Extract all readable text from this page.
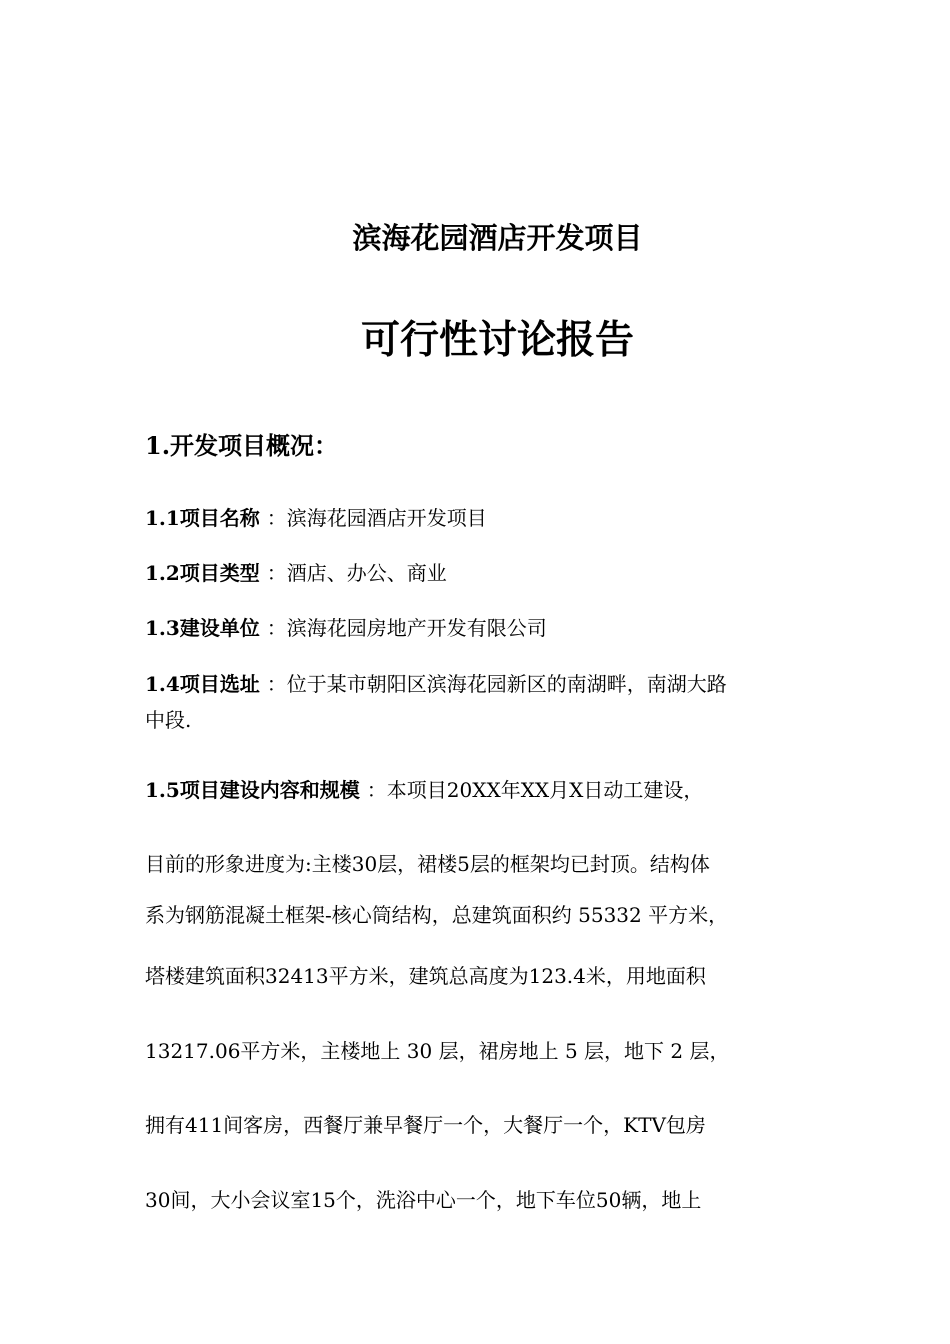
滨海花园酒店开发项目
可行性讨论报告
1.开发项目概况：
1.1项目名称 ：滨海花园酒店开发项目
1.2项目类型 ：酒店、办公、商业
1.3建设单位 ：滨海花园房地产开发有限公司
1.4项目选址 ：位于某市朝阳区滨海花园新区的南湖畔，南湖大路
中段.
1.5项目建设内容和规模 ：本项目20XX年XX月X日动工建设，
目前的形象进度为:主楼30层，裙楼5层的框架均已封顶。结构体
系为钢筋混凝土框架-核心筒结构，总建筑面积约 55332 平方米，
塔楼建筑面积32413平方米，建筑总高度为123.4米，用地面积
13217.06平方米，主楼地上 30 层，裙房地上 5 层，地下 2 层，
拥有411间客房，西餐厅兼早餐厅一个，大餐厅一个，KTV包房
30间，大小会议室15个，洗浴中心一个，地下车位50辆，地上
